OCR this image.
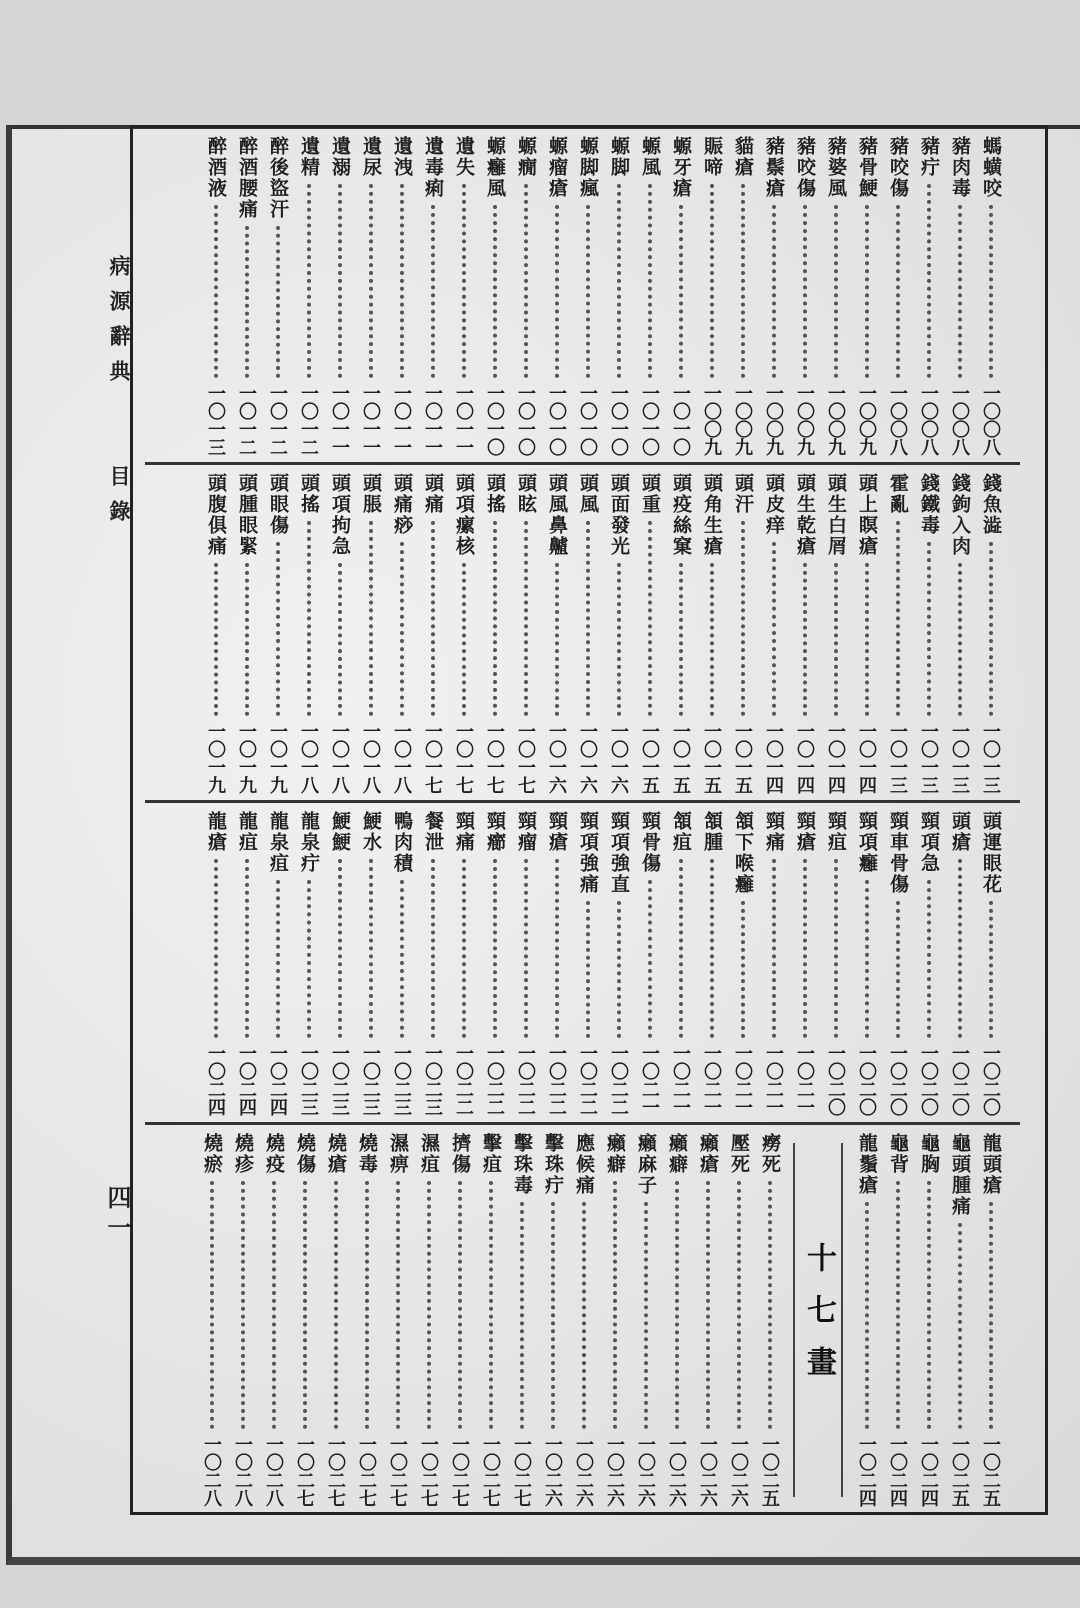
病源辭典
目錄
四一
螞蟥咬
一〇〇八
豬肉毒
一〇〇八
豬疔
一〇〇八
豬咬傷
一〇〇八
豬骨鯁
一〇〇九
豬婆風
一〇〇九
豬咬傷
一〇〇九
豬鬃瘡
一〇〇九
貓瘡
一〇〇九
賑啼
一〇〇九
螈牙瘡
一〇一〇
螈風
一〇一〇
螈脚
一〇一〇
螈脚瘋
一〇一〇
螈瘤瘡
一〇一〇
螈癇
一〇一〇
螈癰風
一〇一〇
遺失
一〇一一
遺毒痢
一〇一一
遺洩
一〇一一
遺尿
一〇一一
遺溺
一〇一一
遺精
一〇一二
醉後盜汗
一〇一二
醉酒腰痛
一〇一二
醉酒液
一〇一三
錢魚澁
一〇一三
錢鉤入肉
一〇一三
錢鐵毒
一〇一三
霍亂
一〇一三
頭上瞑瘡
一〇一四
頭生白屑
一〇一四
頭生乾瘡
一〇一四
頭皮痒
一〇一四
頭汗
一〇一五
頭角生瘡
一〇一五
頭疫絲窠
一〇一五
頭重
一〇一五
頭面發光
一〇一六
頭風
一〇一六
頭風鼻齇
一〇一六
頭眩
一〇一七
頭搖
一〇一七
頭項瘰核
一〇一七
頭痛
一〇一七
頭痛痧
一〇一八
頭脹
一〇一八
頭項拘急
一〇一八
頭搖
一〇一八
頭眼傷
一〇一九
頭腫眼緊
一〇一九
頭腹俱痛
一〇一九
頭運眼花
一〇二〇
頭瘡
一〇二〇
頸項急
一〇二〇
頸車骨傷
一〇二〇
頸項癰
一〇二〇
頸疽
一〇二〇
頸瘡
一〇二一
頸痛
一〇二一
頷下喉癰
一〇二一
頷腫
一〇二一
頷疽
一〇二一
頸骨傷
一〇二一
頸項強直
一〇二二
頸項強痛
一〇二二
頸瘡
一〇二二
頸瘤
一〇二二
頸癤
一〇二二
頸痛
一〇二二
餐泄
一〇二三
鴨肉積
一〇二三
鯁水
一〇二三
鯁鯁
一〇二三
龍泉疔
一〇二三
龍泉疽
一〇二四
龍疽
一〇二四
龍瘡
一〇二四
龍頭瘡
一〇二五
龜頭腫痛
一〇二五
龜胸
一〇二四
龜背
一〇二四
龍鬚瘡
一〇二四
十七畫
癆死
一〇二五
壓死
一〇二六
癩瘡
一〇二六
癩癖
一〇二六
癩麻子
一〇二六
癩癖
一〇二六
應候痛
一〇二六
擊珠疔
一〇二六
擊珠毒
一〇二七
擊疽
一〇二七
擠傷
一〇二七
濕疽
一〇二七
濕痹
一〇二七
燒毒
一〇二七
燒瘡
一〇二七
燒傷
一〇二七
燒疫
一〇二八
燒疹
一〇二八
燒瘀
一〇二八
